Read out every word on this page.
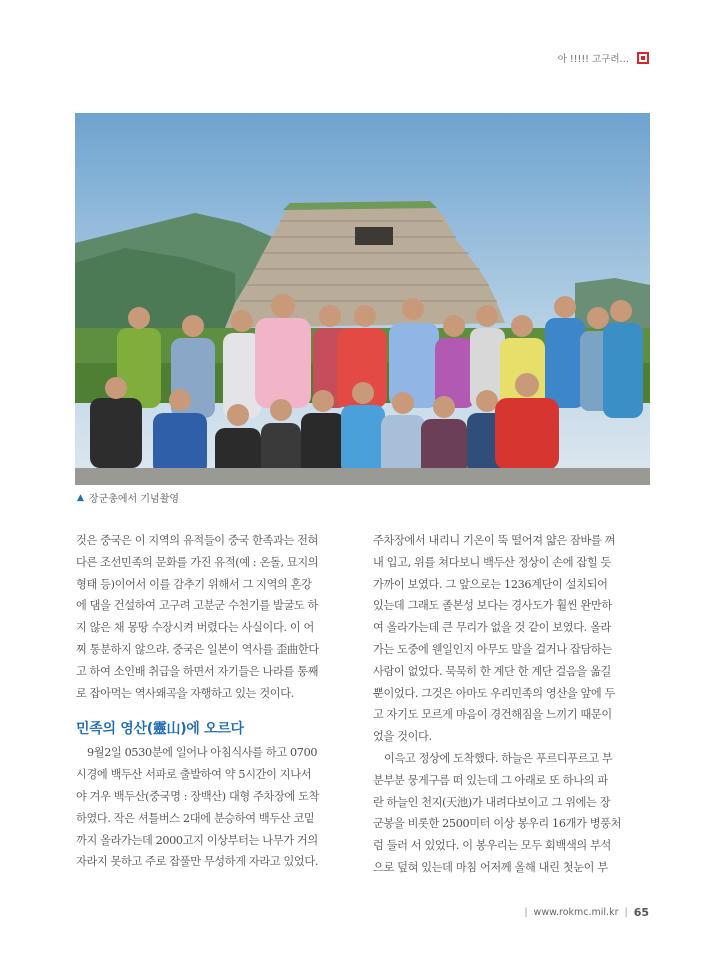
아 !!!!! 고구려…
▲ 장군총에서 기념촬영

것은 중국은 이 지역의 유적들이 중국 한족과는 전혀

다른 조선민족의 문화를 가진 유적(예 : 온돌, 묘지의

형태 등)이어서 이를 감추기 위해서 그 지역의 혼강

에 댐을 건설하여 고구려 고분군 수천기를 발굴도 하

지 않은 채 몽땅 수장시켜 버렸다는 사실이다. 이 어

찌 통분하지 않으랴. 중국은 일본이 역사를 歪曲한다

고 하여 소인배 취급을 하면서 자기들은 나라를 통째

로 잡아먹는 역사왜곡을 자행하고 있는 것이다.

민족의 영산(靈山)에 오르다

9월2일 0530분에 일어나 아침식사를 하고 0700

시경에 백두산 서파로 출발하여 약 5시간이 지나서

야 겨우 백두산(중국명 : 장백산) 대형 주차장에 도착

하였다. 작은 셔틀버스 2대에 분승하여 백두산 코밑

까지 올라가는데 2000고지 이상부터는 나무가 거의

자라지 못하고 주로 잡풀만 무성하게 자라고 있었다.

주차장에서 내리니 기온이 뚝 떨어져 얇은 잠바를 껴

내 입고, 위를 쳐다보니 백두산 정상이 손에 잡힐 듯

가까이 보였다. 그 앞으로는 1236계단이 설치되어

있는데 그래도 졸본성 보다는 경사도가 훨씬 완만하

여 올라가는데 큰 무리가 없을 것 같이 보였다. 올라

가는 도중에 웬일인지 아무도 말을 걸거나 잡담하는

사람이 없었다. 묵묵히 한 계단 한 계단 걸음을 옮길

뿐이었다. 그것은 아마도 우리민족의 영산을 앞에 두

고 자기도 모르게 마음이 경건해짐을 느끼기 때문이

었을 것이다.

이윽고 정상에 도착했다. 하늘은 푸르디푸르고 부

분부분 뭉게구름 떠 있는데 그 아래로 또 하나의 파

란 하늘인 천지(天池)가 내려다보이고 그 위에는 장

군봉을 비롯한 2500미터 이상 봉우리 16개가 병풍처

럼 둘러 서 있었다. 이 봉우리는 모두 회백색의 부석

으로 덮혀 있는데 마침 어저께 올해 내린 첫눈이 부

| www.rokmc.mil.kr | 65
